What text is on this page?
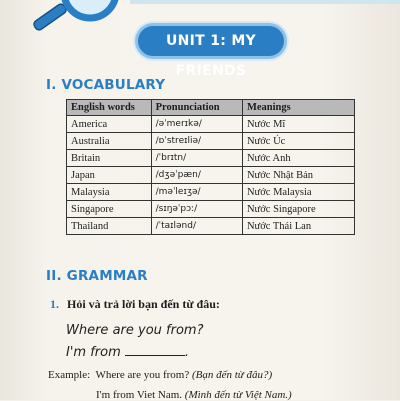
UNIT 1: MY FRIENDS
I. VOCABULARY
English words	Pronunciation	Meanings
America	/əˈmerɪkə/	Nước Mĩ
Australia	/ɒˈstreɪliə/	Nước Úc
Britain	/ˈbrɪtn/	Nước Anh
Japan	/dʒəˈpæn/	Nước Nhật Bản
Malaysia	/məˈleɪʒə/	Nước Malaysia
Singapore	/sɪŋəˈpɔː/	Nước Singapore
Thailand	/ˈtaɪlənd/	Nước Thái Lan
II. GRAMMAR
1. Hỏi và trả lời bạn đến từ đâu:
Where are you from?
I'm from	.
Example: Where are you from? (Bạn đến từ đâu?)
I'm from Viet Nam. (Mình đến từ Việt Nam.)
